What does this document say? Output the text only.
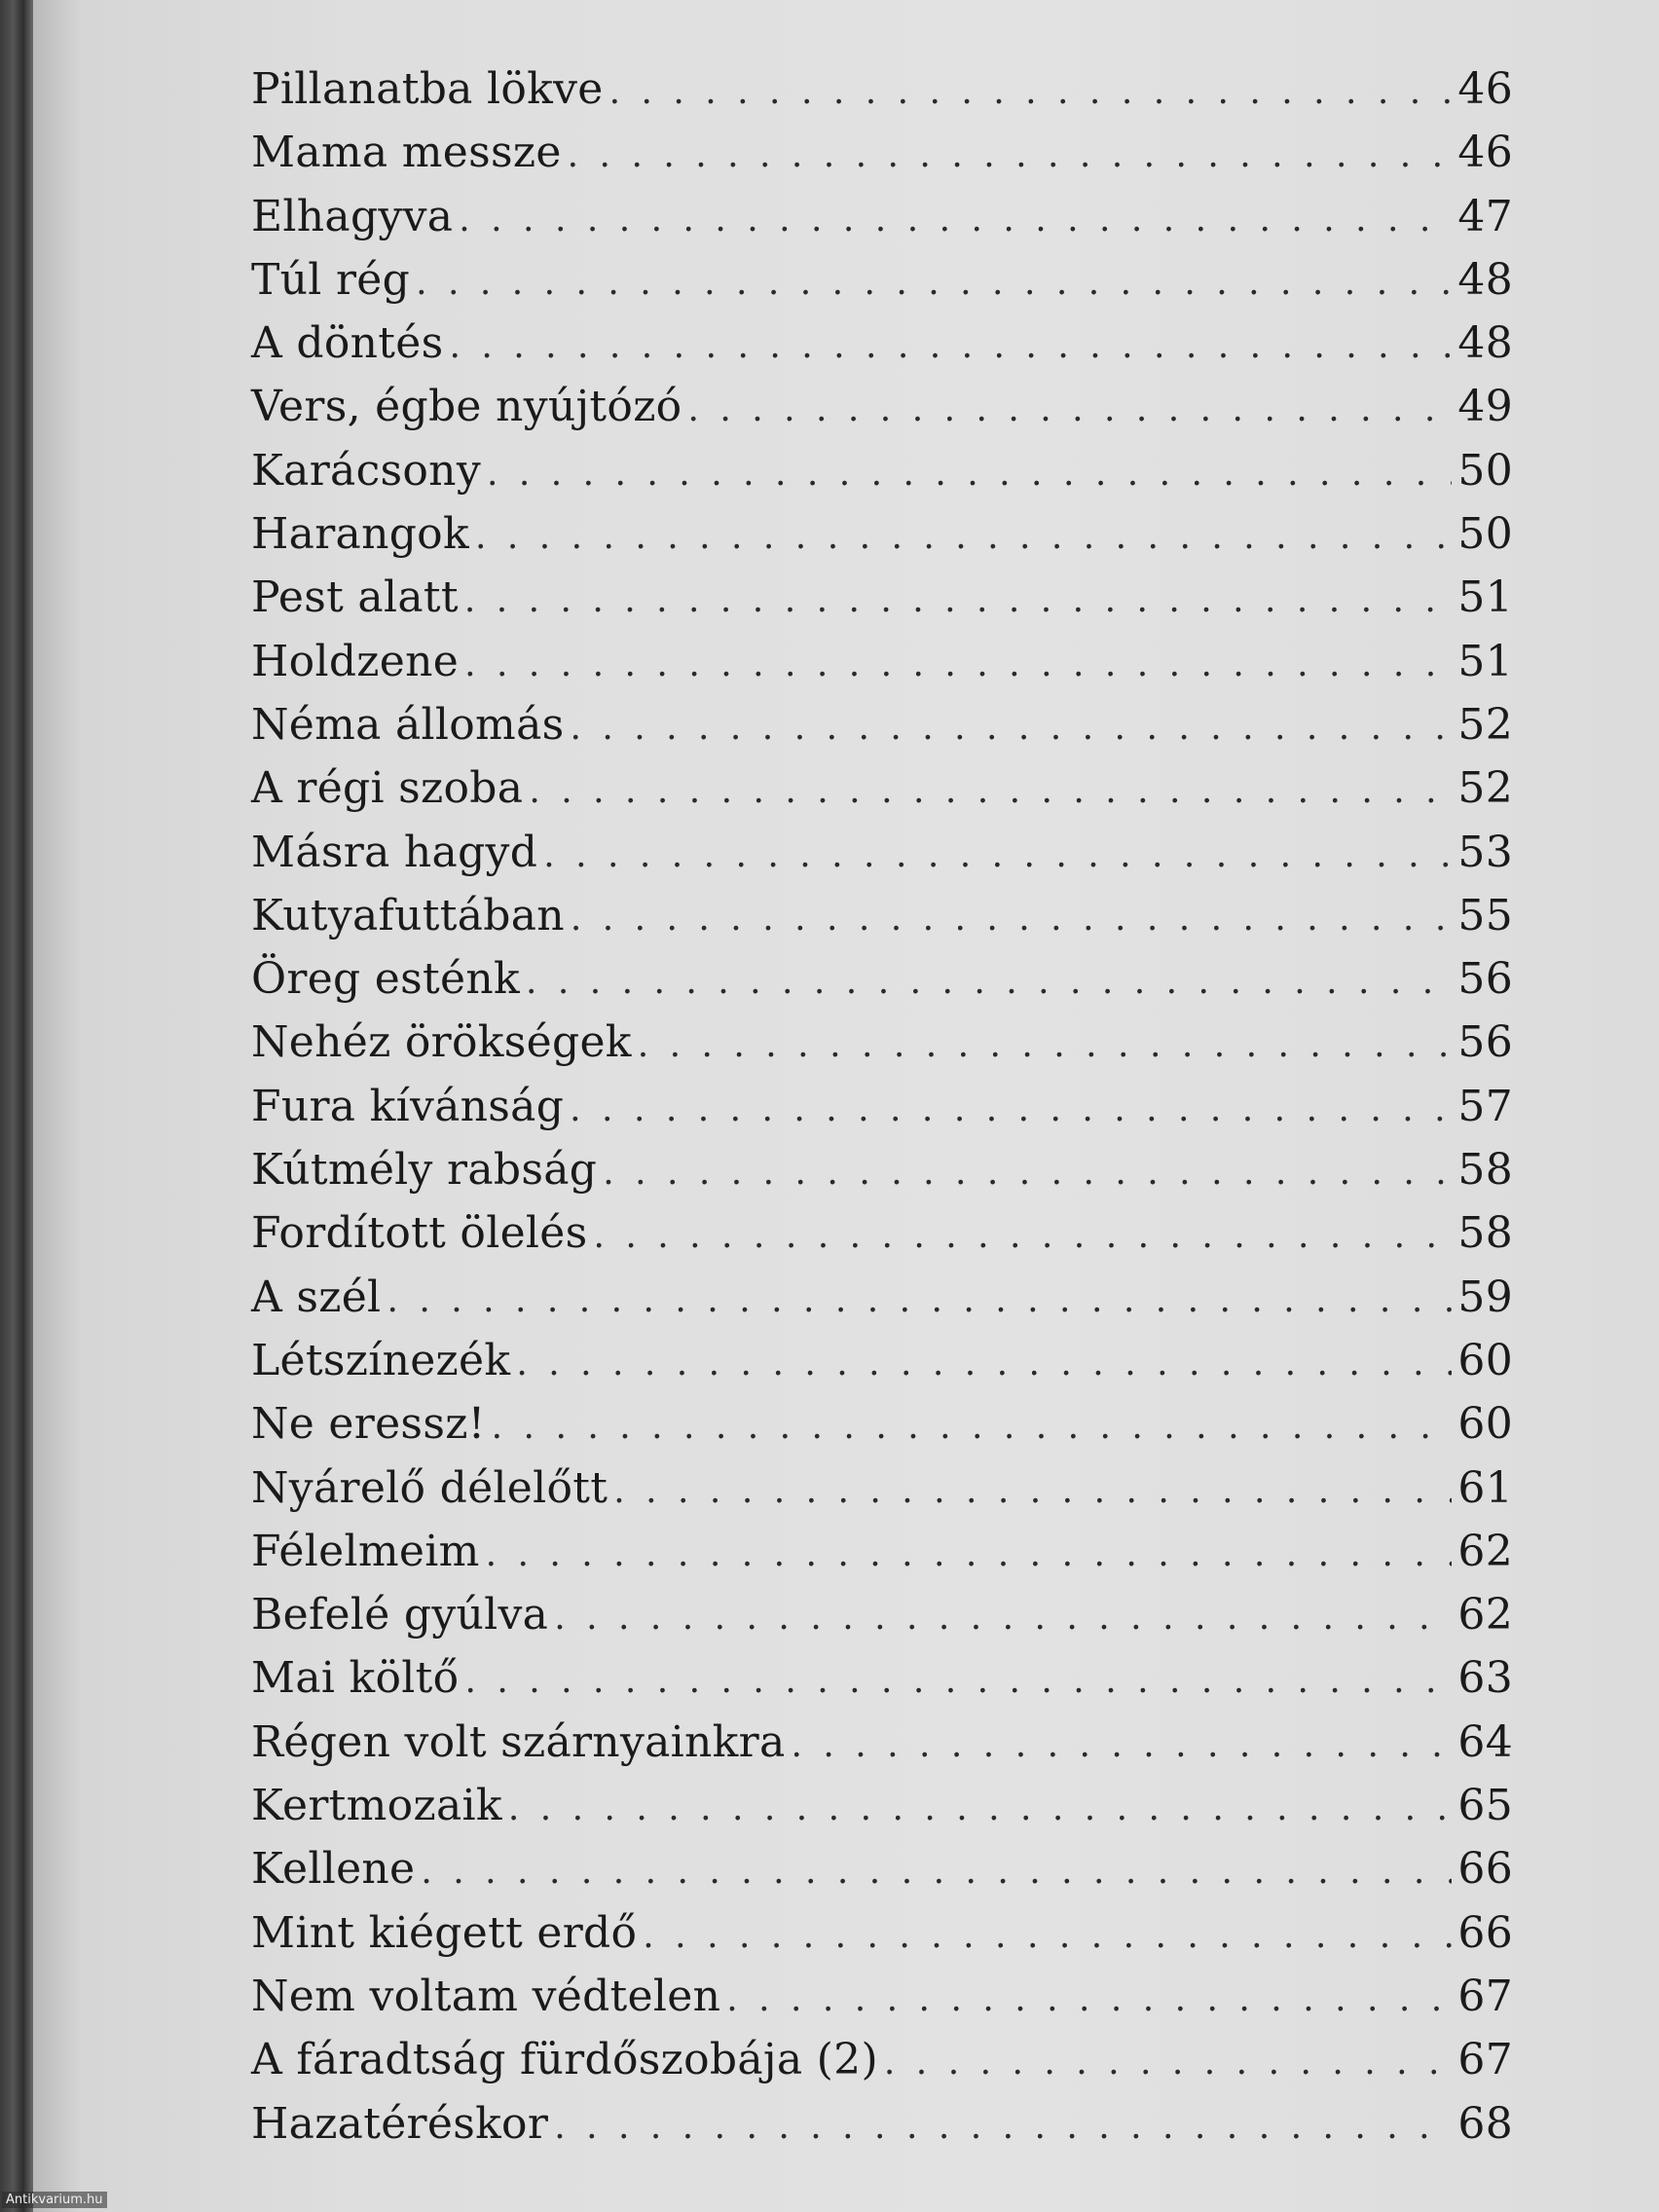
Pillanatba lökve . . .	46
Mama messze . . .	46
Elhagyva . . .	47
Túl rég . . .	48
A döntés . . .	48
Vers, égbe nyújtózó . . .	49
Karácsony . . .	50
Harangok . . .	50
Pest alatt . . .	51
Holdzene . . .	51
Néma állomás . . .	52
A régi szoba . . .	52
Másra hagyd . . .	53
Kutyafuttában . . .	55
Öreg esténk . . .	56
Nehéz örökségek . . .	56
Fura kívánság . . .	57
Kútmély rabság . . .	58
Fordított ölelés . . .	58
A szél . . .	59
Létszínezék . . .	60
Ne eressz! . . .	60
Nyárelő délelőtt . . .	61
Félelmeim . . .	62
Befelé gyúlva . . .	62
Mai költő . . .	63
Régen volt szárnyainkra . . .	64
Kertmozaik . . .	65
Kellene . . .	66
Mint kiégett erdő . . .	66
Nem voltam védtelen . . .	67
A fáradtság fürdőszobája (2) . . .	67
Hazatéréskor . . .	68
Antikvarium.hu
